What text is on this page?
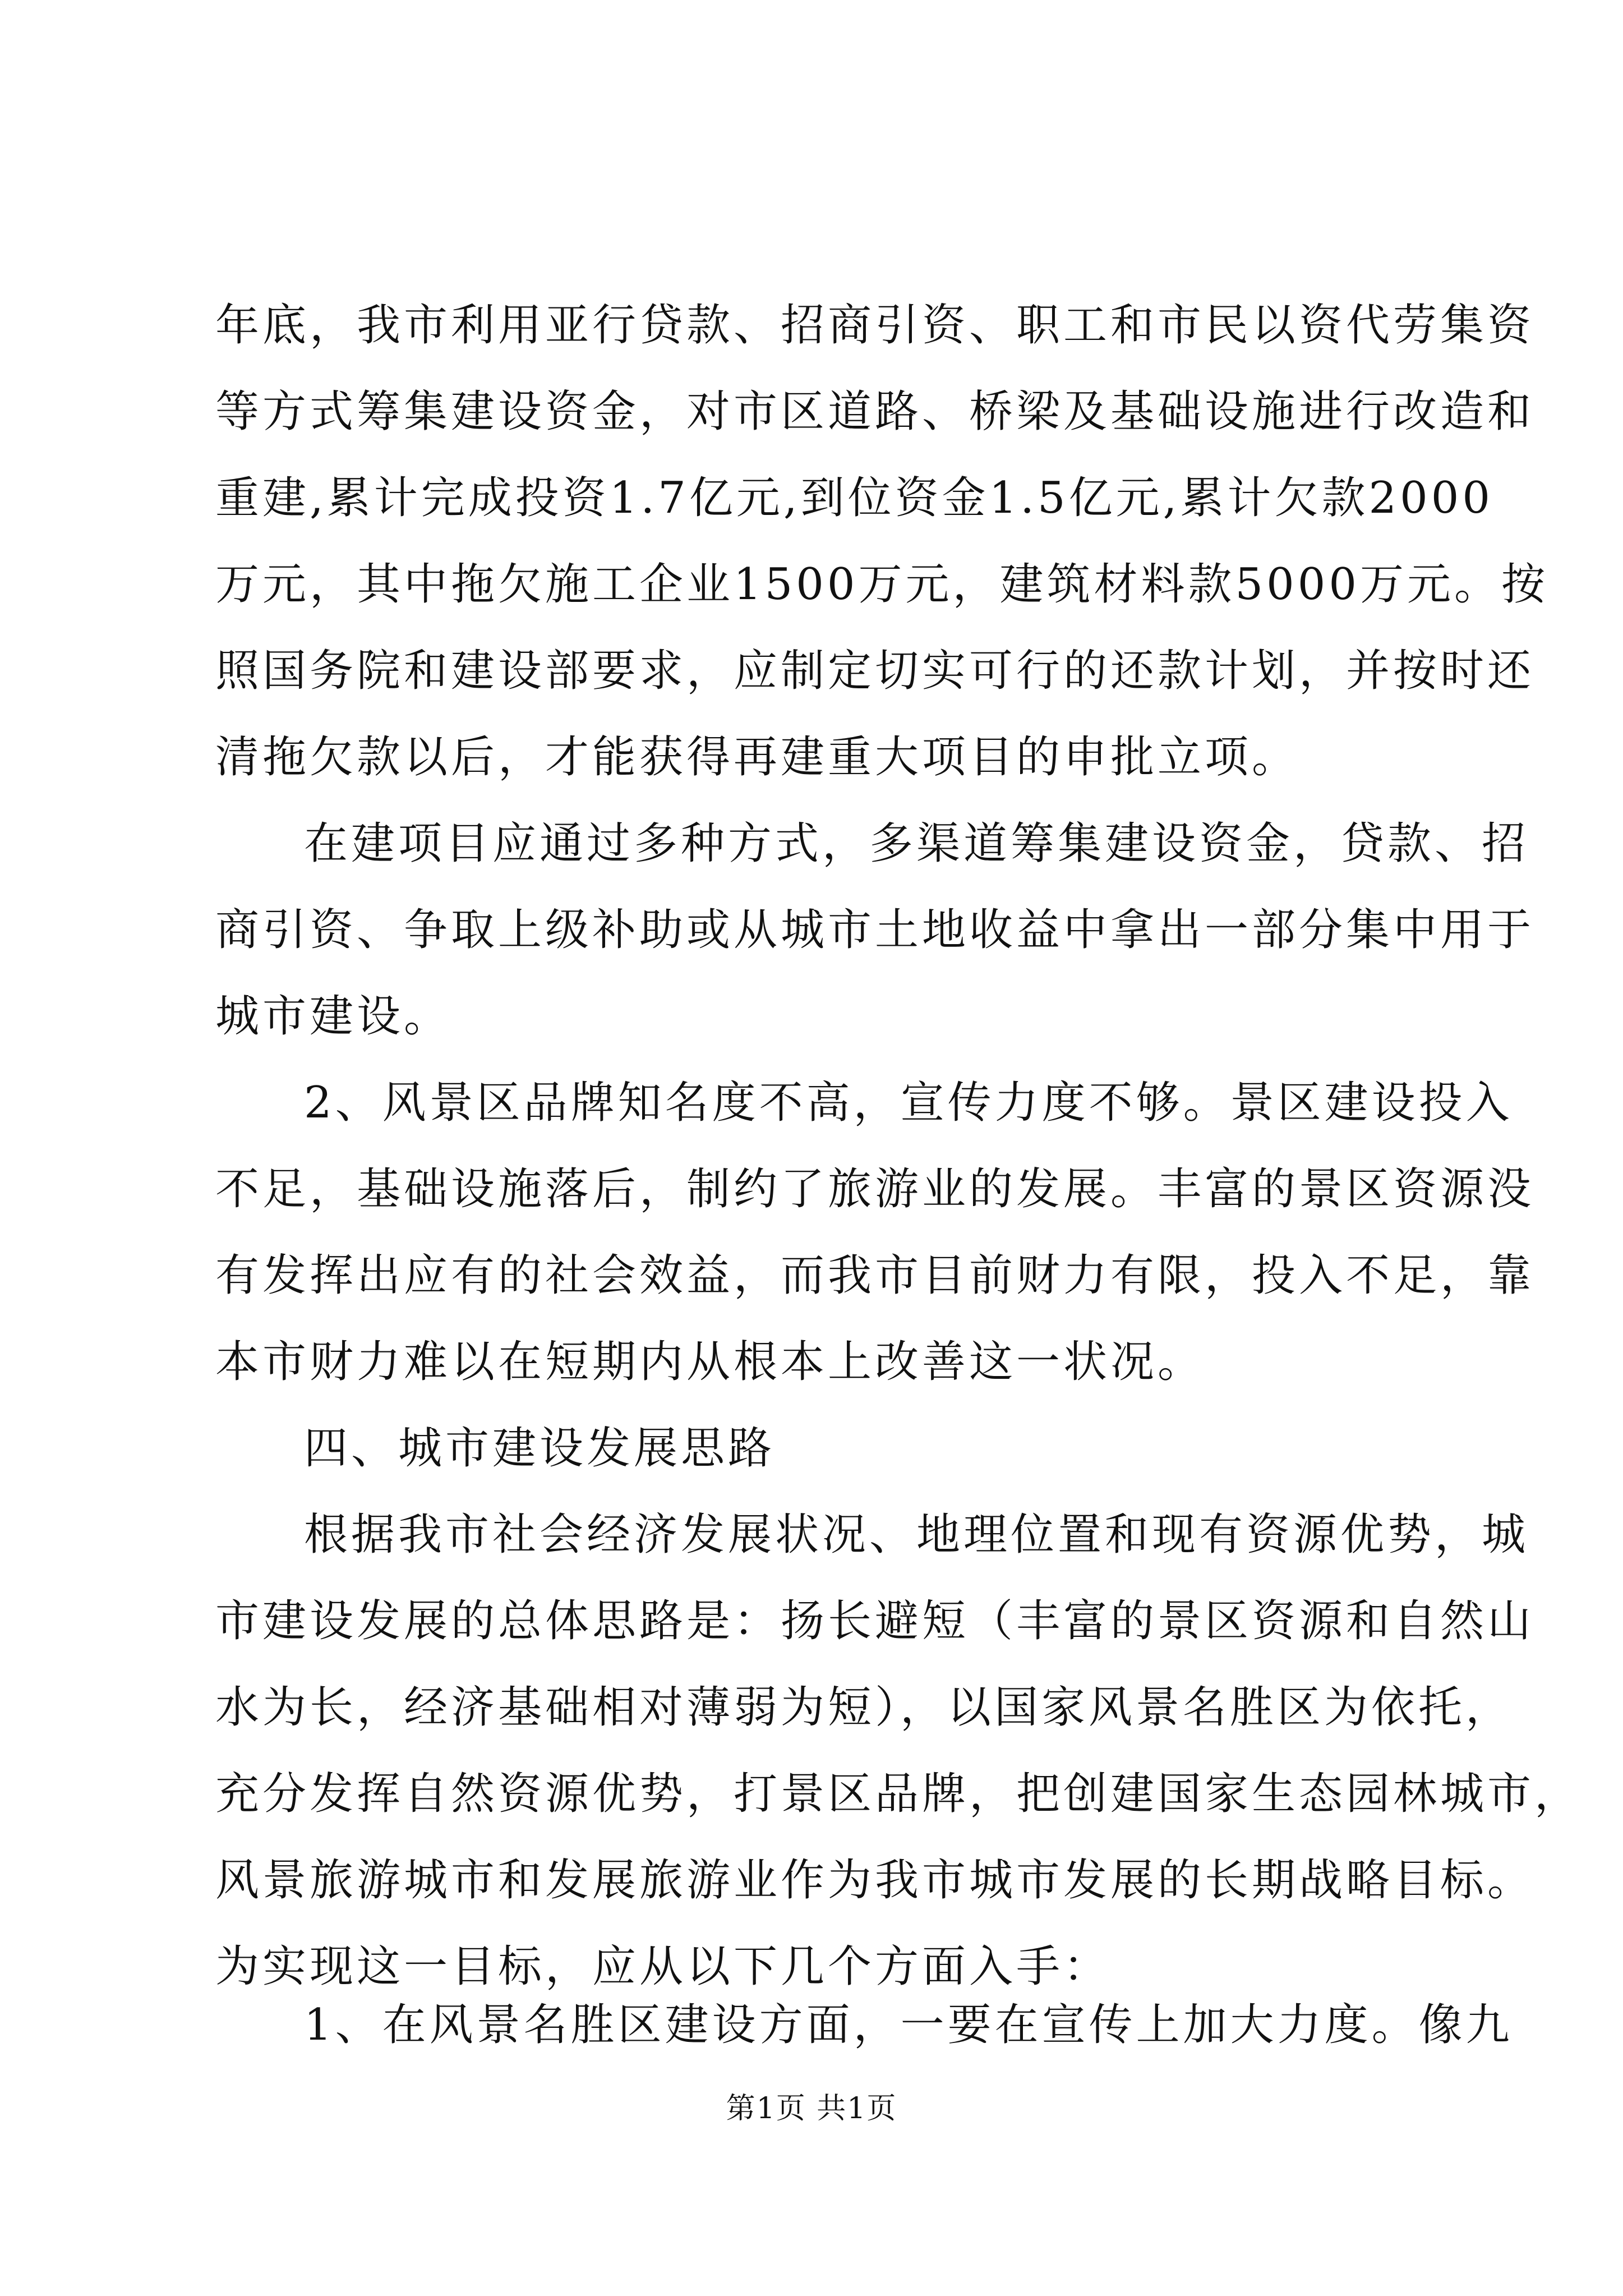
年底，我市利用亚行贷款、招商引资、职工和市民以资代劳集资
等方式筹集建设资金，对市区道路、桥梁及基础设施进行改造和
重建,累计完成投资1.7亿元,到位资金1.5亿元,累计欠款2000
万元，其中拖欠施工企业1500万元，建筑材料款5000万元。按
照国务院和建设部要求，应制定切实可行的还款计划，并按时还
清拖欠款以后，才能获得再建重大项目的申批立项。
在建项目应通过多种方式，多渠道筹集建设资金，贷款、招
商引资、争取上级补助或从城市土地收益中拿出一部分集中用于
城市建设。
2、风景区品牌知名度不高，宣传力度不够。景区建设投入
不足，基础设施落后，制约了旅游业的发展。丰富的景区资源没
有发挥出应有的社会效益，而我市目前财力有限，投入不足，靠
本市财力难以在短期内从根本上改善这一状况。
四、城市建设发展思路
根据我市社会经济发展状况、地理位置和现有资源优势，城
市建设发展的总体思路是：扬长避短（丰富的景区资源和自然山
水为长，经济基础相对薄弱为短），以国家风景名胜区为依托，
充分发挥自然资源优势，打景区品牌，把创建国家生态园林城市，
风景旅游城市和发展旅游业作为我市城市发展的长期战略目标。
为实现这一目标，应从以下几个方面入手：
1、在风景名胜区建设方面，一要在宣传上加大力度。像九
第1页 共1页
